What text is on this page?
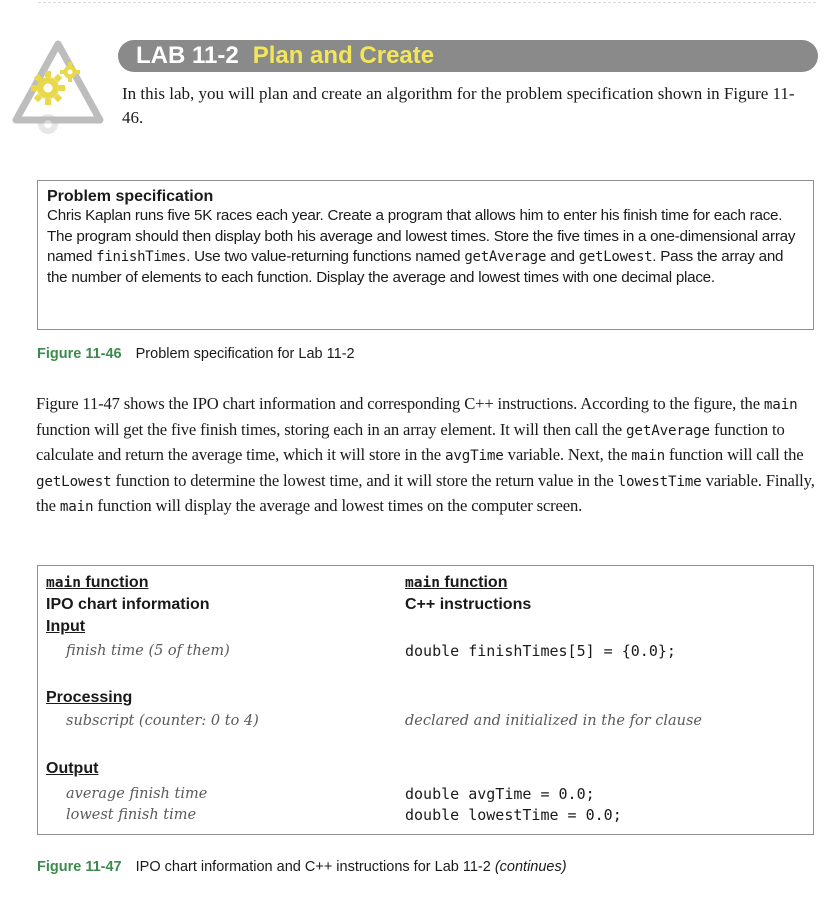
LAB 11-2 Plan and Create
In this lab, you will plan and create an algorithm for the problem specification shown in Figure 11-46.
Problem specification
Chris Kaplan runs five 5K races each year. Create a program that allows him to enter his finish time for each race. The program should then display both his average and lowest times. Store the five times in a one-dimensional array named finishTimes. Use two value-returning functions named getAverage and getLowest. Pass the array and the number of elements to each function. Display the average and lowest times with one decimal place.
Figure 11-46 Problem specification for Lab 11-2
Figure 11-47 shows the IPO chart information and corresponding C++ instructions. According to the figure, the main function will get the five finish times, storing each in an array element. It will then call the getAverage function to calculate and return the average time, which it will store in the avgTime variable. Next, the main function will call the getLowest function to determine the lowest time, and it will store the return value in the lowestTime variable. Finally, the main function will display the average and lowest times on the computer screen.
main function
IPO chart information
main function
C++ instructions
Input
finish time (5 of them)	double finishTimes[5] = {0.0};
Processing
subscript (counter: 0 to 4)	declared and initialized in the for clause
Output
average finish time
lowest finish time
double avgTime = 0.0;
double lowestTime = 0.0;
Figure 11-47 IPO chart information and C++ instructions for Lab 11-2 (continues)
